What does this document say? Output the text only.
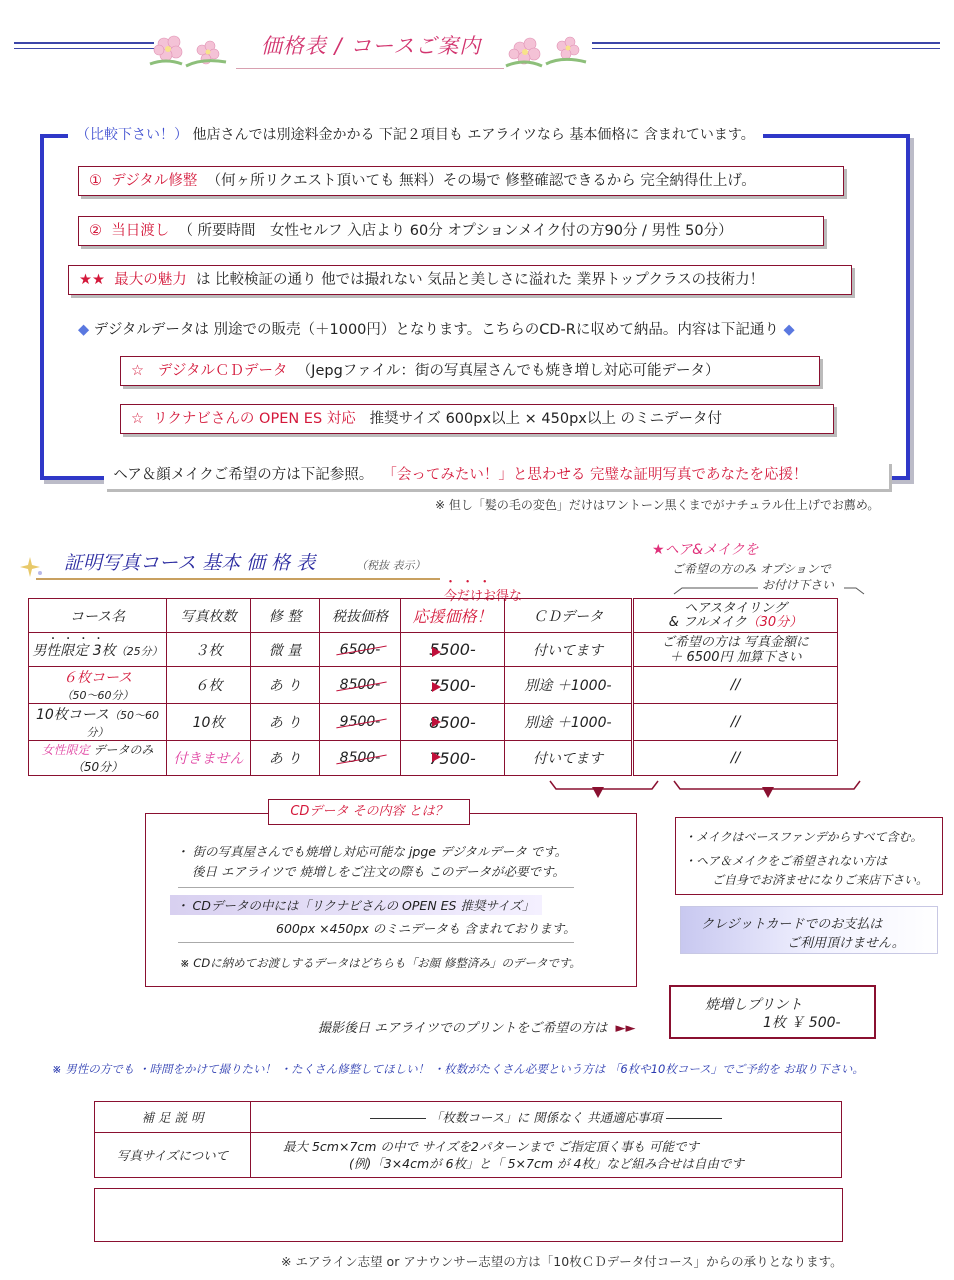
価格表 / コースご案内
（比較下さい！） 他店さんでは別途料金かかる 下記２項目も エアライツなら 基本価格に 含まれています。
① デジタル修整 （何ヶ所リクエスト頂いても 無料）その場で 修整確認できるから 完全納得仕上げ。
② 当日渡し （ 所要時間　女性セルフ 入店より 60分 オプションメイク付の方90分 / 男性 50分）
★★ 最大の魅力 は 比較検証の通り 他では撮れない 気品と美しさに溢れた 業界トップクラスの技術力！
◆ デジタルデータは 別途での販売（＋1000円）となります。こちらのCD-Rに収めて納品。内容は下記通り ◆
☆ デジタルＣＤデータ （Jepgファイル：街の写真屋さんでも焼き増し対応可能データ）
☆ リクナビさんの OPEN ES 対応 推奨サイズ 600px以上 × 450px以上 のミニデータ付
ヘア＆顔メイクご希望の方は下記参照。 「会ってみたい！」と思わせる 完璧な証明写真であなたを応援！
※ 但し「髪の毛の変色」だけはワントーン黒くまでがナチュラル仕上げでお薦め。
証明写真コース 基本 価 格 表	（税抜 表示）
★ヘア&メイクを
ご希望の方のみ オプションで
お付け下さい
・ ・ ・
今だけお得な
コース名	写真枚数	修 整	税抜価格	応援価格！	ＣＤデータ	ヘアスタイリング
& フルメイク（30分）
男性限定 3枚（25分）	３枚	微 量	6500-	5500-	付いてます	ご希望の方は 写真金額に
＋ 6500円 加算下さい
６枚コース（50〜60分）	６枚	あ り	8500-	7500-	別途 ＋1000-	//
10枚コース（50〜60分）	10枚	あ り	9500-	8500-	別途 ＋1000-	//
女性限定 データのみ（50分）	付きません	あ り	8500-	7500-	付いてます	//
・ ・ ・ ・
CDデータ その内容 とは？
・ 街の写真屋さんでも焼増し対応可能な jpge デジタルデータ です。
後日 エアライツで 焼増しをご注文の際も このデータが必要です。
・ CDデータの中には「リクナビさんの OPEN ES 推奨サイズ」
600px ×450px のミニデータも 含まれております。
※ CDに納めてお渡しするデータはどちらも「お顔 修整済み」のデータです。
・メイクはベースファンデからすべて含む。
・ヘア＆メイクをご希望されない方は
ご自身でお済ませになりご来店下さい。
クレジットカードでのお支払は
ご利用頂けません。
撮影後日 エアライツでのプリントをご希望の方は ►►
焼増しプリント
1枚 ￥ 500-
※ 男性の方でも ・時間をかけて撮りたい！ ・たくさん修整してほしい！ ・枚数がたくさん必要という方は 「6枚や10枚コース」でご予約を お取り下さい。
補 足 説 明	「枚数コース」に 関係なく 共通適応事項
写真サイズについて	最大 5cm×7cm の中で サイズを2パターンまで ご指定頂く事も 可能です
(例)「3×4cmが 6枚」と「 5×7cm が 4枚」など組み合せは自由です
※ エアライン志望 or アナウンサー志望の方は「10枚ＣＤデータ付コース」からの承りとなります。
